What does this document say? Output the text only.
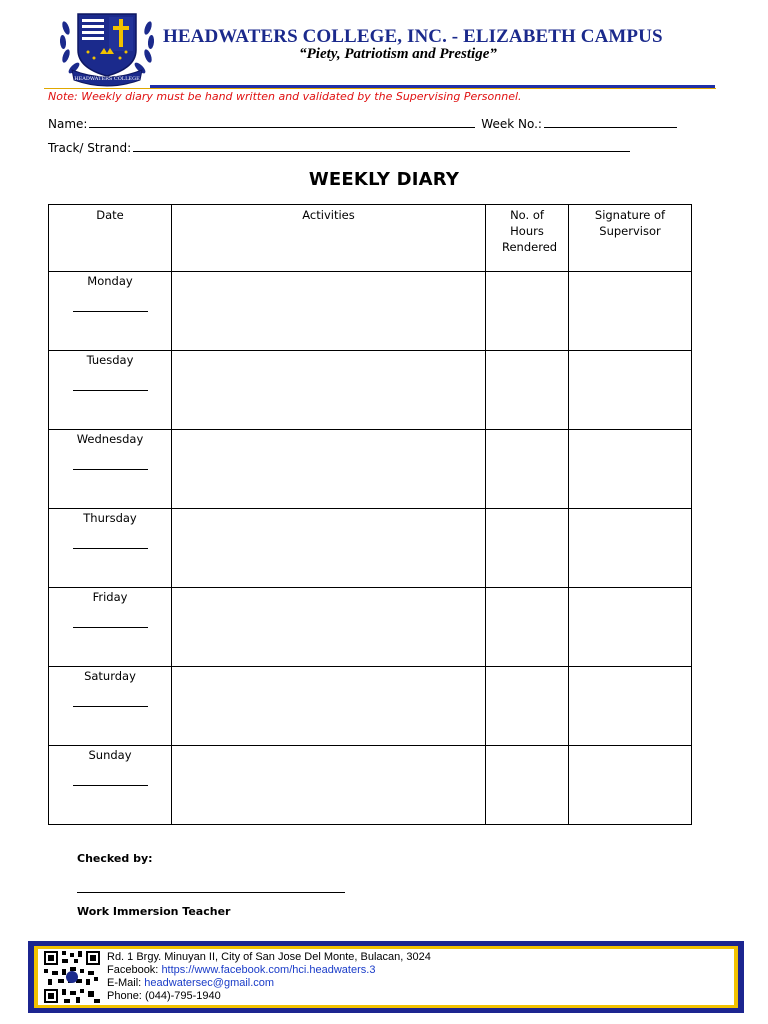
HEADWATERS COLLEGE
HEADWATERS COLLEGE, INC. - ELIZABETH CAMPUS
“Piety, Patriotism and Prestige”
Note: Weekly diary must be hand written and validated by the Supervising Personnel.
Name:	Week No.:
Track/ Strand:
WEEKLY DIARY
Date	Activities	No. of Hours Rendered	Signature of Supervisor

Monday			

Tuesday			

Wednesday			

Thursday			

Friday			

Saturday			

Sunday			

Checked by:
Work Immersion Teacher
Rd. 1 Brgy. Minuyan II, City of San Jose Del Monte, Bulacan, 3024
Facebook: https://www.facebook.com/hci.headwaters.3
E-Mail: headwatersec@gmail.com
Phone: (044)-795-1940
